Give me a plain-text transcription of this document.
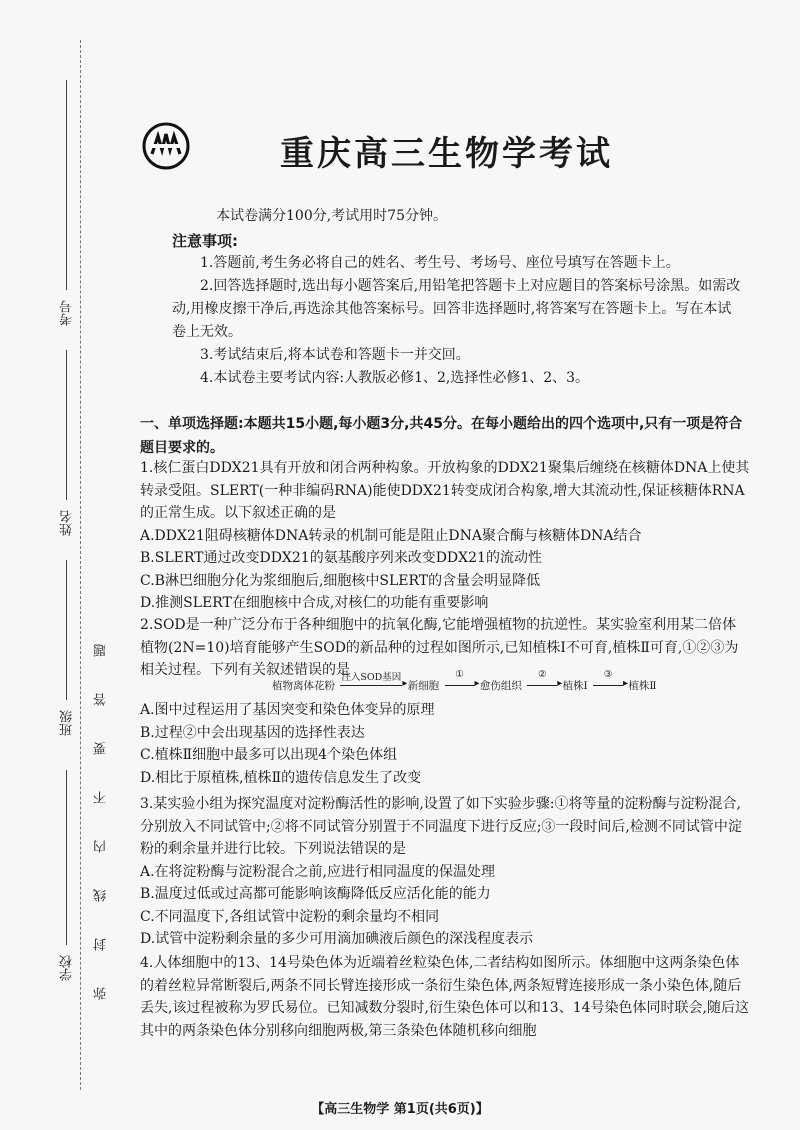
考号
姓名
班级
学校 弥封线内不要答题
重庆高三生物学考试
本试卷满分100分,考试用时75分钟。
注意事项:
1.答题前,考生务必将自己的姓名、考生号、考场号、座位号填写在答题卡上。
2.回答选择题时,选出每小题答案后,用铅笔把答题卡上对应题目的答案标号涂黑。如需改动,用橡皮擦干净后,再选涂其他答案标号。回答非选择题时,将答案写在答题卡上。写在本试卷上无效。
3.考试结束后,将本试卷和答题卡一并交回。
4.本试卷主要考试内容:人教版必修1、2,选择性必修1、2、3。
一、单项选择题:本题共15小题,每小题3分,共45分。在每小题给出的四个选项中,只有一项是符合题目要求的。
1.核仁蛋白DDX21具有开放和闭合两种构象。开放构象的DDX21聚集后缠绕在核糖体DNA上使其转录受阻。SLERT(一种非编码RNA)能使DDX21转变成闭合构象,增大其流动性,保证核糖体RNA的正常生成。以下叙述正确的是

A.DDX21阻碍核糖体DNA转录的机制可能是阻止DNA聚合酶与核糖体DNA结合

B.SLERT通过改变DDX21的氨基酸序列来改变DDX21的流动性

C.B淋巴细胞分化为浆细胞后,细胞核中SLERT的含量会明显降低

D.推测SLERT在细胞核中合成,对核仁的功能有重要影响

2.SOD是一种广泛分布于各种细胞中的抗氧化酶,它能增强植物的抗逆性。某实验室利用某二倍体植物(2N=10)培育能够产生SOD的新品种的过程如图所示,已知植株Ⅰ不可育,植株Ⅱ可育,①②③为相关过程。下列有关叙述错误的是
植物离体花粉
注入SOD基因
▸ 新细胞
①
▸ 愈伤组织
②
▸ 植株Ⅰ
③
▸ 植株Ⅱ

A.图中过程运用了基因突变和染色体变异的原理

B.过程②中会出现基因的选择性表达

C.植株Ⅱ细胞中最多可以出现4个染色体组

D.相比于原植株,植株Ⅱ的遗传信息发生了改变

3.某实验小组为探究温度对淀粉酶活性的影响,设置了如下实验步骤:①将等量的淀粉酶与淀粉混合,分别放入不同试管中;②将不同试管分别置于不同温度下进行反应;③一段时间后,检测不同试管中淀粉的剩余量并进行比较。下列说法错误的是

A.在将淀粉酶与淀粉混合之前,应进行相同温度的保温处理

B.温度过低或过高都可能影响该酶降低反应活化能的能力

C.不同温度下,各组试管中淀粉的剩余量均不相同

D.试管中淀粉剩余量的多少可用滴加碘液后颜色的深浅程度表示

4.人体细胞中的13、14号染色体为近端着丝粒染色体,二者结构如图所示。体细胞中这两条染色体的着丝粒异常断裂后,两条不同长臂连接形成一条衍生染色体,两条短臂连接形成一条小染色体,随后丢失,该过程被称为罗氏易位。已知减数分裂时,衍生染色体可以和13、14号染色体同时联会,随后这其中的两条染色体分别移向细胞两极,第三条染色体随机移向细胞
【高三生物学 第1页(共6页)】
